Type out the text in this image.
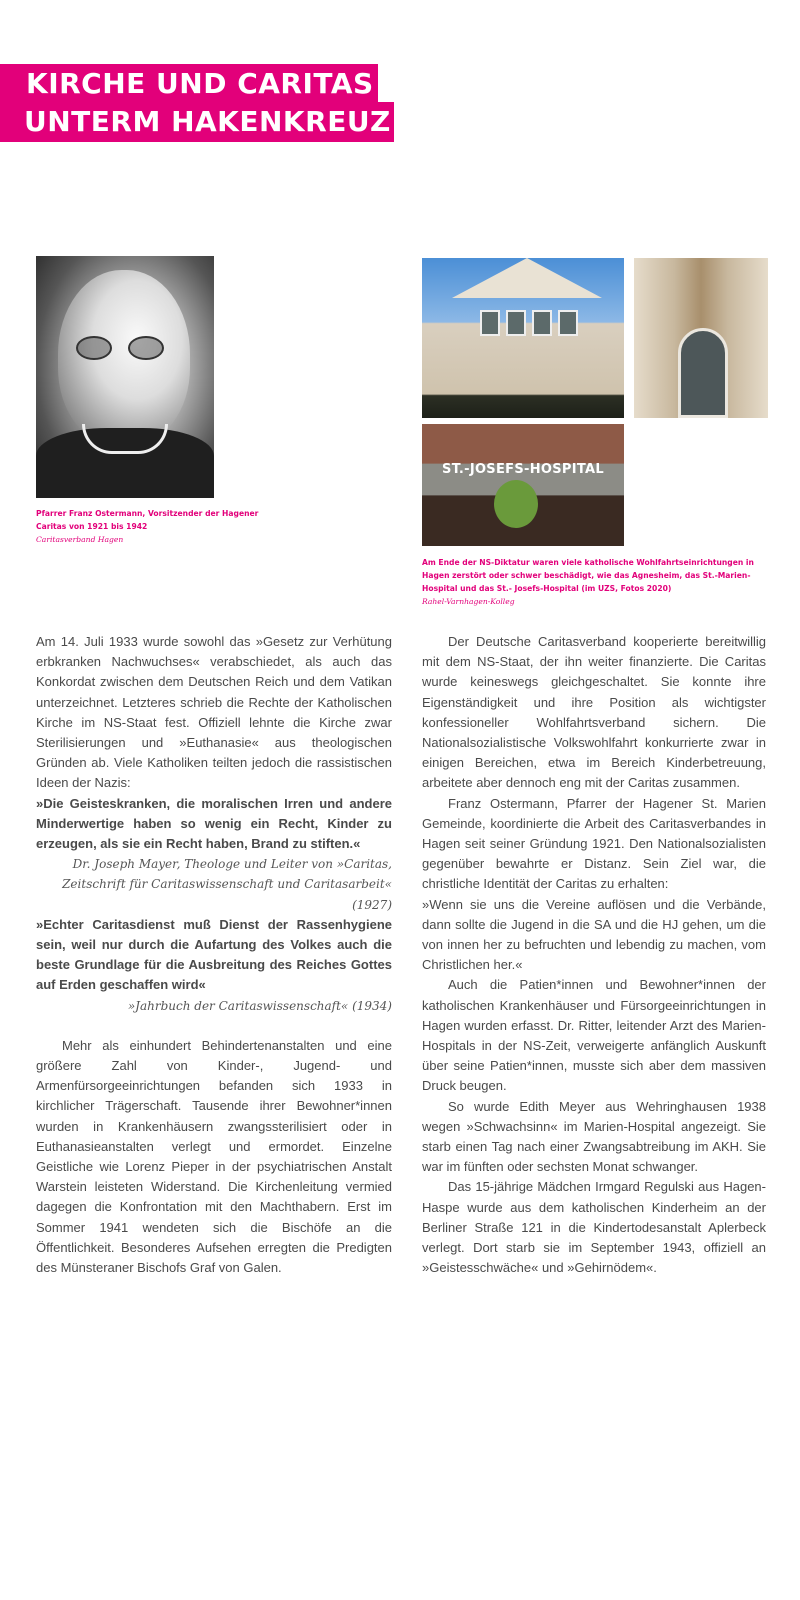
KIRCHE UND CARITAS
UNTERM HAKENKREUZ
Pfarrer Franz Ostermann, Vorsitzender der Hagener Caritas von 1921 bis 1942
Caritasverband Hagen
ST.-JOSEFS-HOSPITAL
Am Ende der NS-Diktatur waren viele katholische Wohlfahrtseinrichtungen in Hagen zerstört oder schwer beschädigt, wie das Agnesheim, das St.-Marien-Hospital und das St.- Josefs-Hospital (im UZS, Fotos 2020)
Rahel-Varnhagen-Kolleg

Am 14. Juli 1933 wurde sowohl das »Gesetz zur Verhütung erbkranken Nachwuchses« verabschiedet, als auch das Konkordat zwischen dem Deutschen Reich und dem Vatikan unterzeichnet. Letzteres schrieb die Rechte der Katholischen Kirche im NS-Staat fest. Offiziell lehnte die Kirche zwar Sterilisierungen und »Euthanasie« aus theologischen Gründen ab. Viele Katholiken teilten jedoch die rassistischen Ideen der Nazis:

»Die Geisteskranken, die moralischen Irren und andere Minderwertige haben so wenig ein Recht, Kinder zu erzeugen, als sie ein Recht haben, Brand zu stiften.«

Dr. Joseph Mayer, Theologe und Leiter von »Caritas, Zeitschrift für Caritaswissenschaft und Caritasarbeit« (1927)

»Echter Caritasdienst muß Dienst der Rassenhygiene sein, weil nur durch die Aufartung des Volkes auch die beste Grundlage für die Ausbreitung des Reiches Gottes auf Erden geschaffen wird«

»Jahrbuch der Caritaswissenschaft« (1934)

Mehr als einhundert Behindertenanstalten und eine größere Zahl von Kinder-, Jugend- und Armenfürsorgeeinrichtungen befanden sich 1933 in kirchlicher Trägerschaft. Tausende ihrer Bewohner*innen wurden in Krankenhäusern zwangssterilisiert oder in Euthanasieanstalten verlegt und ermordet. Einzelne Geistliche wie Lorenz Pieper in der psychiatrischen Anstalt Warstein leisteten Widerstand. Die Kirchenleitung vermied dagegen die Konfrontation mit den Machthabern. Erst im Sommer 1941 wendeten sich die Bischöfe an die Öffentlichkeit. Besonderes Aufsehen erregten die Predigten des Münsteraner Bischofs Graf von Galen.

Der Deutsche Caritasverband kooperierte bereitwillig mit dem NS-Staat, der ihn weiter finanzierte. Die Caritas wurde keineswegs gleichgeschaltet. Sie konnte ihre Eigenständigkeit und ihre Position als wichtigster konfessioneller Wohlfahrtsverband sichern. Die Nationalsozialistische Volkswohlfahrt konkurrierte zwar in einigen Bereichen, etwa im Bereich Kinderbetreuung, arbeitete aber dennoch eng mit der Caritas zusammen.

Franz Ostermann, Pfarrer der Hagener St. Marien Gemeinde, koordinierte die Arbeit des Caritasverbandes in Hagen seit seiner Gründung 1921. Den Nationalsozialisten gegenüber bewahrte er Distanz. Sein Ziel war, die christliche Identität der Caritas zu erhalten:

»Wenn sie uns die Vereine auflösen und die Verbände, dann sollte die Jugend in die SA und die HJ gehen, um die von innen her zu befruchten und lebendig zu machen, vom Christlichen her.«

Auch die Patien*innen und Bewohner*innen der katholischen Krankenhäuser und Fürsorgeeinrichtungen in Hagen wurden erfasst. Dr. Ritter, leitender Arzt des Marien-Hospitals in der NS-Zeit, verweigerte anfänglich Auskunft über seine Patien*innen, musste sich aber dem massiven Druck beugen.

So wurde Edith Meyer aus Wehringhausen 1938 wegen »Schwachsinn« im Marien-Hospital angezeigt. Sie starb einen Tag nach einer Zwangsabtreibung im AKH. Sie war im fünften oder sechsten Monat schwanger.

Das 15-jährige Mädchen Irmgard Regulski aus Hagen-Haspe wurde aus dem katholischen Kinderheim an der Berliner Straße 121 in die Kindertodesanstalt Aplerbeck verlegt. Dort starb sie im September 1943, offiziell an »Geistesschwäche« und »Gehirnödem«.
